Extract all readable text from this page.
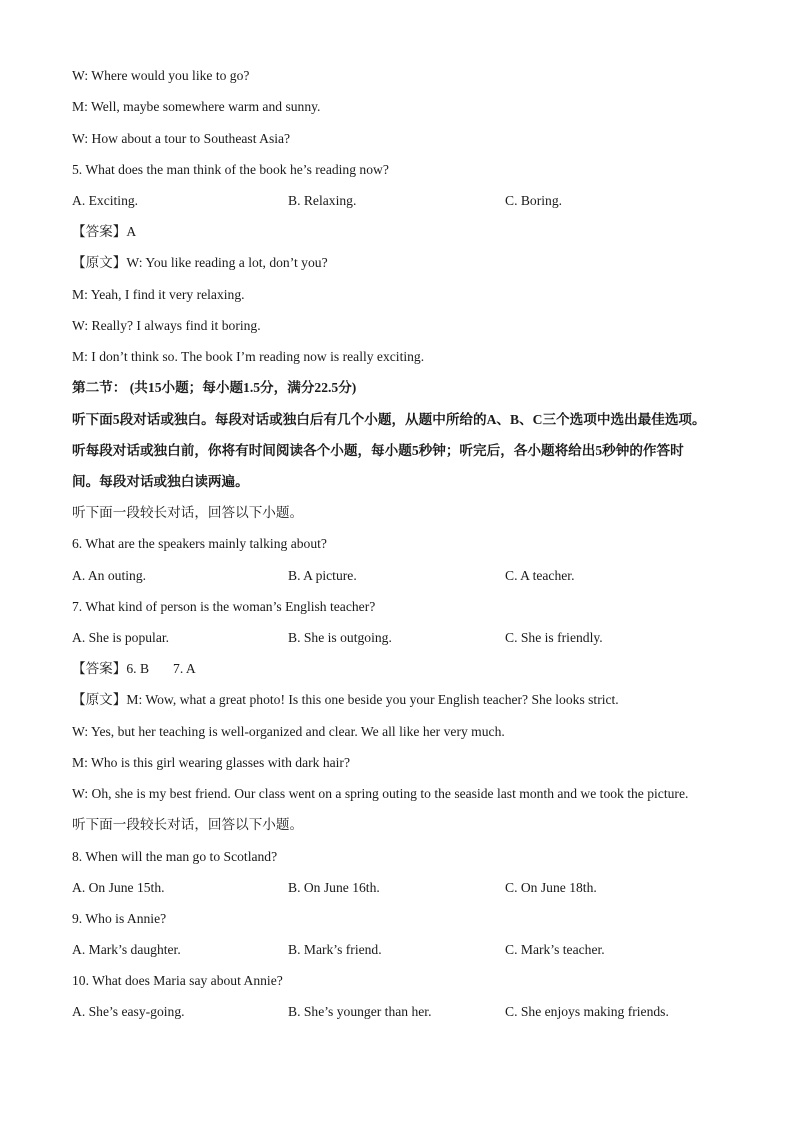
W: Where would you like to go?
M: Well, maybe somewhere warm and sunny.
W: How about a tour to Southeast Asia?
5. What does the man think of the book he’s reading now?
A. Exciting.	B. Relaxing.	C. Boring.
【答案】A
【原文】W: You like reading a lot, don’t you?
M: Yeah, I find it very relaxing.
W: Really? I always find it boring.
M: I don’t think so. The book I’m reading now is really exciting.
第二节： (共15小题；每小题1.5分，满分22.5分)
听下面5段对话或独白。每段对话或独白后有几个小题，从题中所给的A、B、C三个选项中选出最佳选项。
听每段对话或独白前，你将有时间阅读各个小题，每小题5秒钟；听完后，各小题将给出5秒钟的作答时
间。每段对话或独白读两遍。
听下面一段较长对话，回答以下小题。
6. What are the speakers mainly talking about?
A. An outing.	B. A picture.	C. A teacher.
7. What kind of person is the woman’s English teacher?
A. She is popular.	B. She is outgoing.	C. She is friendly.
【答案】6. B 7. A
【原文】M: Wow, what a great photo! Is this one beside you your English teacher? She looks strict.
W: Yes, but her teaching is well-organized and clear. We all like her very much.
M: Who is this girl wearing glasses with dark hair?
W: Oh, she is my best friend. Our class went on a spring outing to the seaside last month and we took the picture.
听下面一段较长对话，回答以下小题。
8. When will the man go to Scotland?
A. On June 15th.	B. On June 16th.	C. On June 18th.
9. Who is Annie?
A. Mark’s daughter.	B. Mark’s friend.	C. Mark’s teacher.
10. What does Maria say about Annie?
A. She’s easy-going.	B. She’s younger than her.	C. She enjoys making friends.
